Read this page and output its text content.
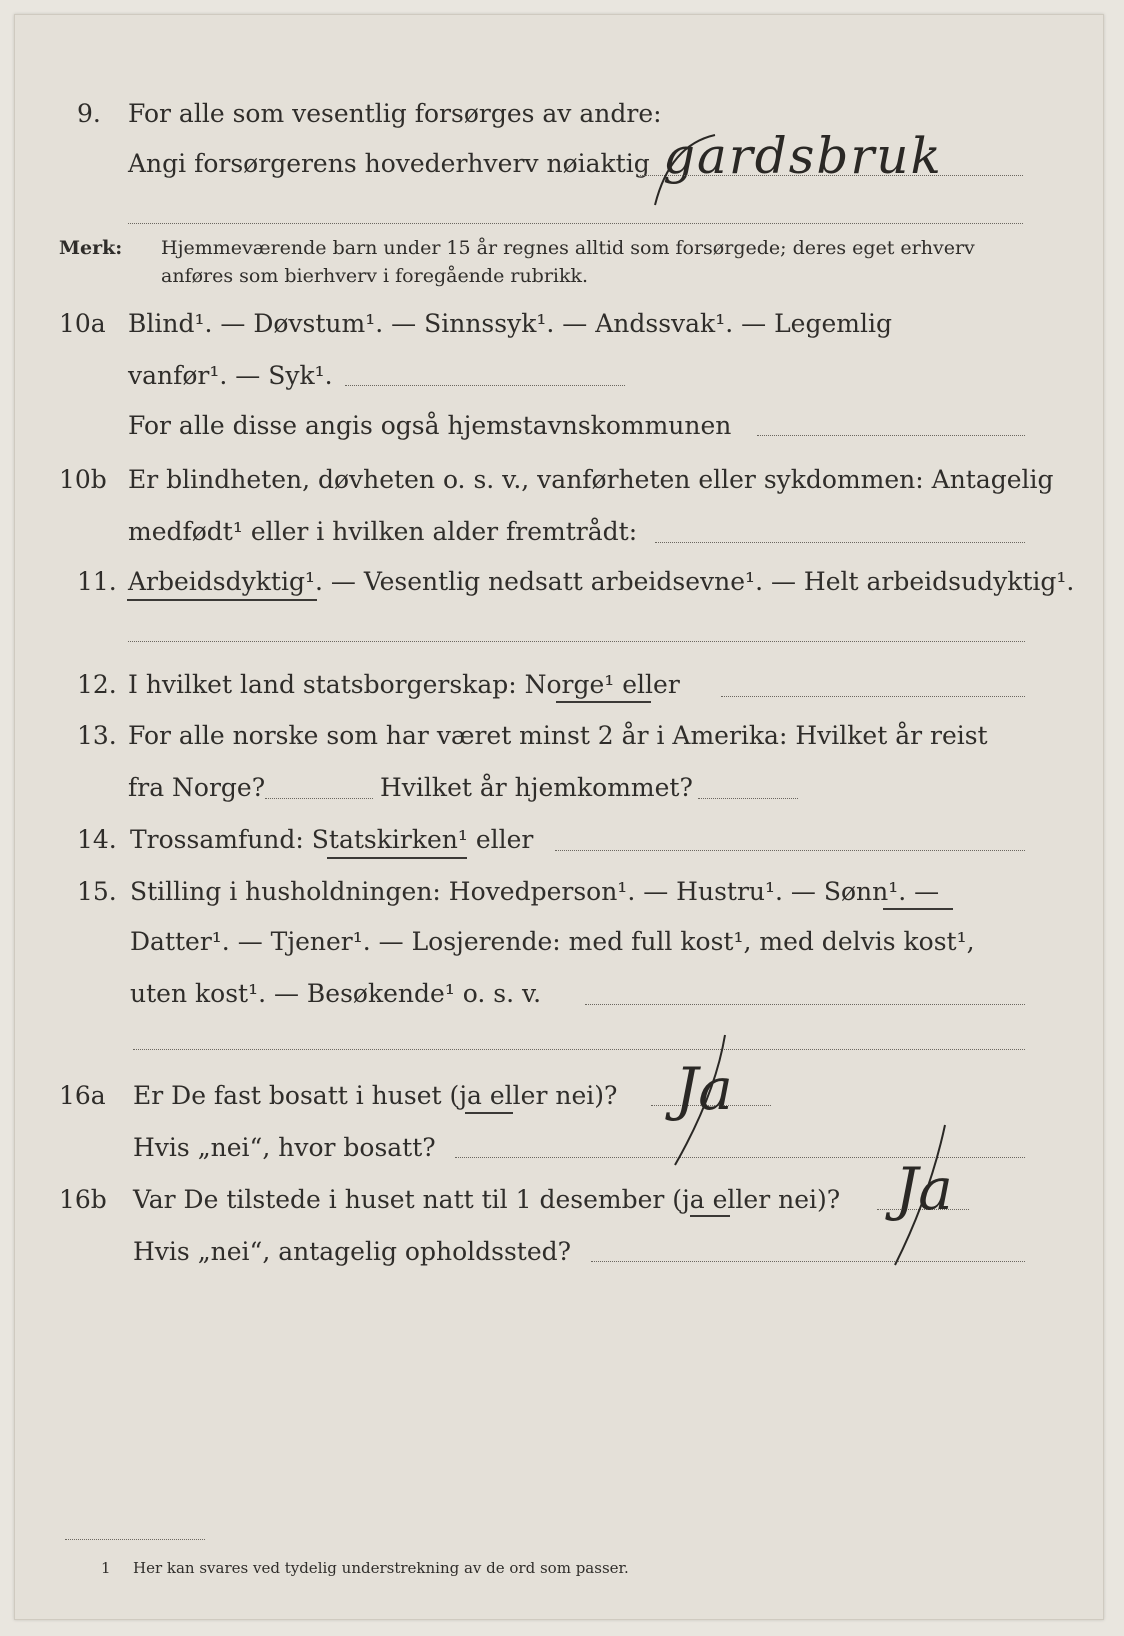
9. For alle som vesentlig forsørges av andre:
Angi forsørgerens hovederhverv nøiaktig gardsbruk
Merk: Hjemmeværende barn under 15 år regnes alltid som forsørgede; deres eget erhverv
anføres som bierhverv i foregående rubrikk.
10a Blind¹. — Døvstum¹. — Sinnssyk¹. — Andssvak¹. — Legemlig
vanfør¹. — Syk¹.
For alle disse angis også hjemstavnskommunen
10b Er blindheten, døvheten o. s. v., vanførheten eller sykdommen: Antagelig
medfødt¹ eller i hvilken alder fremtrådt:
11. Arbeidsdyktig¹. — Vesentlig nedsatt arbeidsevne¹. — Helt arbeidsudyktig¹.
12. I hvilket land statsborgerskap: Norge¹ eller
13. For alle norske som har været minst 2 år i Amerika: Hvilket år reist
fra Norge?	Hvilket år hjemkommet?
14. Trossamfund: Statskirken¹ eller
15. Stilling i husholdningen: Hovedperson¹. — Hustru¹. — Sønn¹. —
Datter¹. — Tjener¹. — Losjerende: med full kost¹, med delvis kost¹,
uten kost¹. — Besøkende¹ o. s. v.
16a Er De fast bosatt i huset (ja eller nei)? Ja
Hvis „nei“, hvor bosatt?
16b Var De tilstede i huset natt til 1 desember (ja eller nei)? Ja
Hvis „nei“, antagelig opholdssted?
1 Her kan svares ved tydelig understrekning av de ord som passer.
